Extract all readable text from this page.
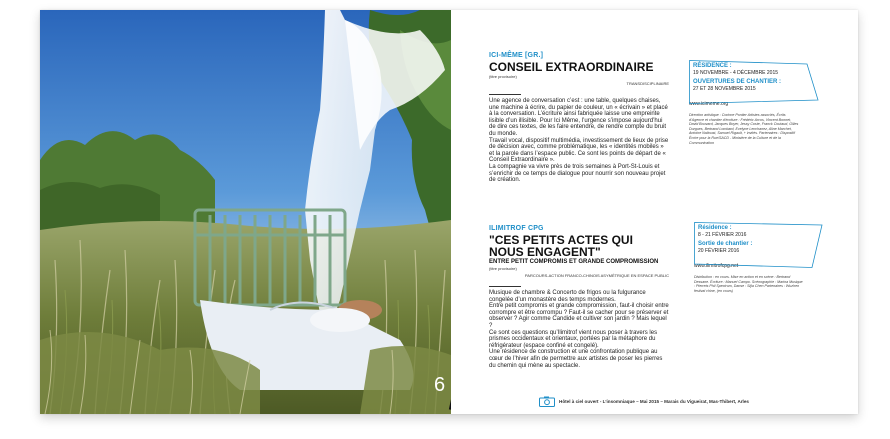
6
ICI-MÊME [GR.]
CONSEIL EXTRAORDINAIRE
(titre provisoire)
TRANSDISCIPLINAIRE

Une agence de conversation c’est : une table, quelques chaises, une machine à écrire, du papier de couleur, un « écrivain » et placé à la conversation. L’écriture ainsi fabriquée laisse une empreinte lisible d’un illisible. Pour Ici Même, l’urgence s’impose aujourd’hui de dire ces textes, de les faire entendre, de rendre compte du bruit du monde.

Travail vocal, dispositif multimédia, investissement de lieux de prise de décision avec, comme problématique, les « identités mobiles » et la parole dans l’espace public. Ce sont les points de départ de « Conseil Extraordinaire ».

La compagnie va vivre près de trois semaines à Port-St-Louis et s’enrichir de ce temps de dialogue pour nourrir son nouveau projet de création.

RÉSIDENCE :
19 NOVEMBRE - 4 DÉCEMBRE 2015
OUVERTURES DE CHANTIER :
27 ET 28 NOVEMBRE 2015
www.icimeme.org
Direction artistique : Corinne Pontier Artistes associés, Écrits d’Agence et chantier d’écriture : Frédéric Arcos, Vincent Bonnet, David Bouvard, Jacques Boyer, Jessy Coste, Franck Coutaud, Gilles Durgues, Bertrand Lombard, Evelyne Lenchanez, Aline Marchet, Antoine Naltoust, Samuel Rigault, + invités. Partenaires : Dispositif Écrire pour la Rue/SACD - Ministère de la Culture et de la Communication
ILIMITROF CPG
"CES PETITS ACTES QUI NOUS ENGAGENT"
ENTRE PETIT COMPROMIS ET GRANDE COMPROMISSION
(titre provisoire)
PARCOURS-ACTION FRANCO-CHINOIS ASYMÉTRIQUE EN ESPACE PUBLIC

Musique de chambre & Concerto de frigos ou la fulgurance congelée d’un monastère des temps modernes.

Entre petit compromis et grande compromission, faut-il choisir entre corrompre et être corrompu ? Faut-il se cacher pour se préserver et observer ? Agir comme Candide et cultiver son jardin ? Mais lequel ?

Ce sont ces questions qu’Ilimitrof vient nous poser à travers les prismes occidentaux et orientaux, portées par la métaphore du réfrigérateur (espace confiné et congelé).

Une résidence de construction et une confrontation publique au cœur de l’hiver afin de permettre aux artistes de poser les pierres du chemin qui mène au spectacle.

Résidence :
8 - 21 FÉVRIER 2016
Sortie de chantier :
20 FÉVRIER 2016
www.ilimitrofcpg.net
Distribution : en cours. Mise en action et en scène : Bertrand Dessane. Écriture : Manuel Campo. Scénographie : Marina Musique : Pierrets Phil Spectrum, Danse : Sijia Chen Partenaires : Wuzhen festival chine, (en cours)
Hôtel à ciel ouvert - L’insomniaque – Mai 2015 – Marais du Vigueirat, Mas-Thibert, Arles
